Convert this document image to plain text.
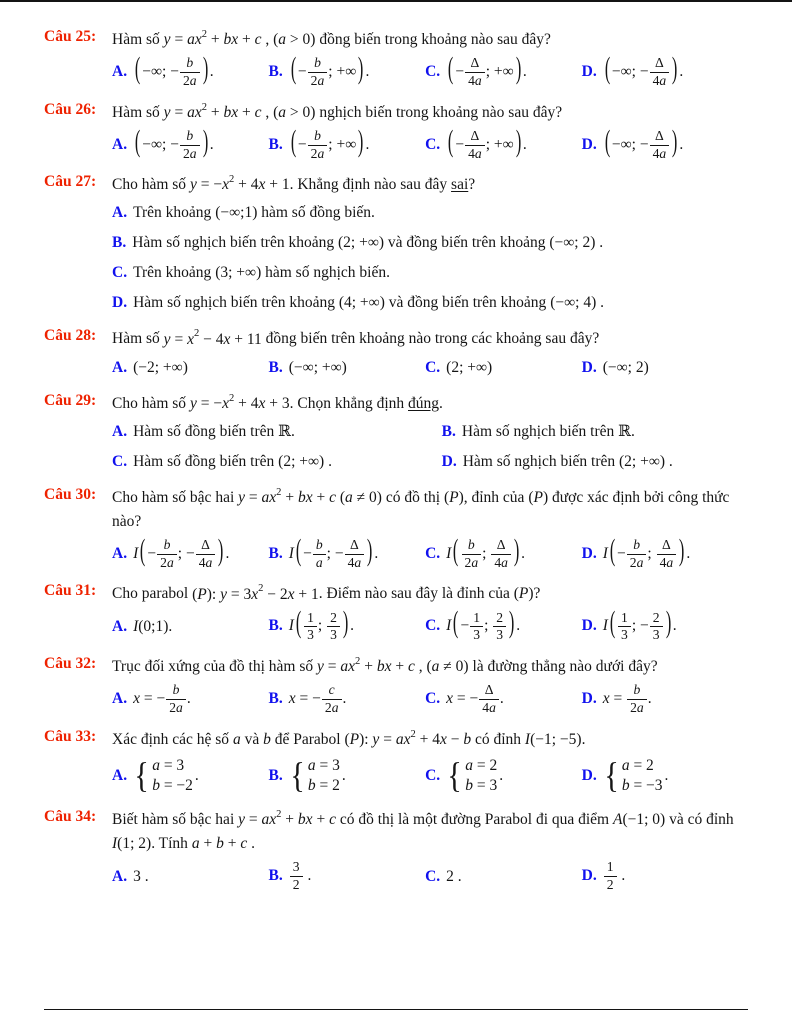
Câu 25:	Hàm số $y = ax^2$ + bx + c , (a > 0) đồng biến trong khoảng nào sau đây?
A. ( −∞; − $\frac{b}{2a}$ ) .	B. ( − $\frac{b}{2a}$ ; +∞ ) .	C. ( − $\frac{\Delta}{4a}$ ; +∞ ) .	D. ( −∞; − $\frac{\Delta}{4a}$ ) .
Câu 26:	Hàm số $y = ax^2$ + bx + c , (a > 0) nghịch biến trong khoảng nào sau đây?
A. ( −∞; − $\frac{b}{2a}$ ) .	B. ( − $\frac{b}{2a}$ ; +∞ ) .	C. ( − $\frac{\Delta}{4a}$ ; +∞ ) .	D. ( −∞; − $\frac{\Delta}{4a}$ ) .
Câu 27:	Cho hàm số $y = -x^2 + 4x + 1$. Khẳng định nào sau đây sai?
A. Trên khoảng (−∞;1) hàm số đồng biến.
B. Hàm số nghịch biến trên khoảng (2; +∞) và đồng biến trên khoảng (−∞; 2) .
C. Trên khoảng (3; +∞) hàm số nghịch biến.
D. Hàm số nghịch biến trên khoảng (4; +∞) và đồng biến trên khoảng (−∞; 4) .
Câu 28:	Hàm số $y = x^2 - 4x + 11$ đồng biến trên khoảng nào trong các khoảng sau đây?
A. (−2; +∞)	B. (−∞; +∞)	C. (2; +∞)	D. (−∞; 2)
Câu 29:	Cho hàm số $y = -x^2 + 4x + 3$. Chọn khẳng định đúng.
A. Hàm số đồng biến trên ℝ.	B. Hàm số nghịch biến trên ℝ.
C. Hàm số đồng biến trên (2; +∞) .	D. Hàm số nghịch biến trên (2; +∞) .
Câu 30:	Cho hàm số bậc hai $y = ax^2$ + bx + c (a ≠ 0) có đồ thị (P), đỉnh của (P) được xác định bởi công thức nào?
A. I ( − $\frac{b}{2a}$ ; − $\frac{\Delta}{4a}$ ) .	B. I ( − $\frac{b}{a}$ ; − $\frac{\Delta}{4a}$ ) .	C. I ( $\frac{b}{2a}$ ; $\frac{\Delta}{4a}$ ) .	D. I ( − $\frac{b}{2a}$ ; $\frac{\Delta}{4a}$ ) .
Câu 31:	Cho parabol (P): $y = 3x^2 - 2x + 1$. Điểm nào sau đây là đỉnh của (P)?
A. I(0;1).	B. I ( $\frac{1}{3}$ ; $\frac{2}{3}$ ) .	C. I ( − $\frac{1}{3}$ ; $\frac{2}{3}$ ) .	D. I ( $\frac{1}{3}$ ; − $\frac{2}{3}$ ) .
Câu 32:	Trục đối xứng của đồ thị hàm số $y = ax^2$ + bx + c , (a ≠ 0) là đường thẳng nào dưới đây?
A. x = − $\frac{b}{2a}$ .	B. x = − $\frac{c}{2a}$ .	C. x = − $\frac{\Delta}{4a}$ .	D. $x = \frac{b}{2a}$ .
Câu 33:	Xác định các hệ số a và b để Parabol (P): $y = ax^2 + 4x - b$ có đỉnh I(−1; −5).
A. { a = 3
b = −2
.	B. { a = 3
b = 2
.	C. { a = 2
b = 3
.	D. { a = 2
b = −3
.
Câu 34:	Biết hàm số bậc hai $y = ax^2$ + bx + c có đồ thị là một đường Parabol đi qua điểm A(−1; 0) và có đỉnh I(1; 2). Tính a + b + c .
A. 3 .	B. $\frac{3}{2}$ .	C. 2 .	D. $\frac{1}{2}$ .
